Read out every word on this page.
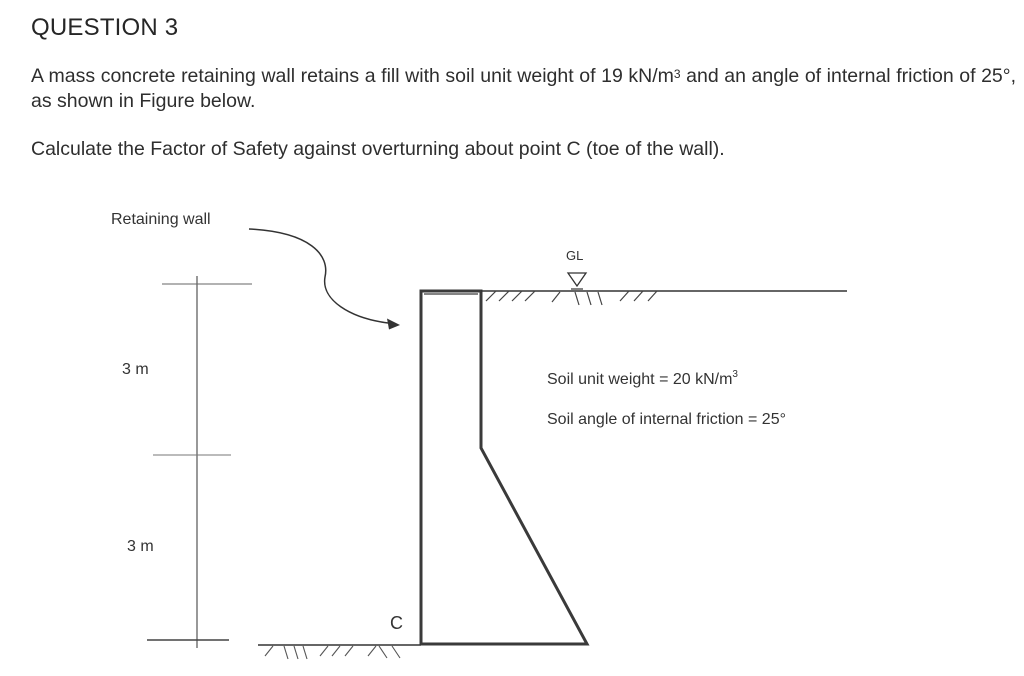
QUESTION 3
A mass concrete retaining wall retains a fill with soil unit weight of 19 $kN/m^3$ and an angle of internal friction of 25°, as shown in Figure below.
Calculate the Factor of Safety against overturning about point C (toe of the wall).
Retaining wall
3 m
3 m
C
GL
Soil unit weight = 20 $kN/m^3$
Soil angle of internal friction = 25°
